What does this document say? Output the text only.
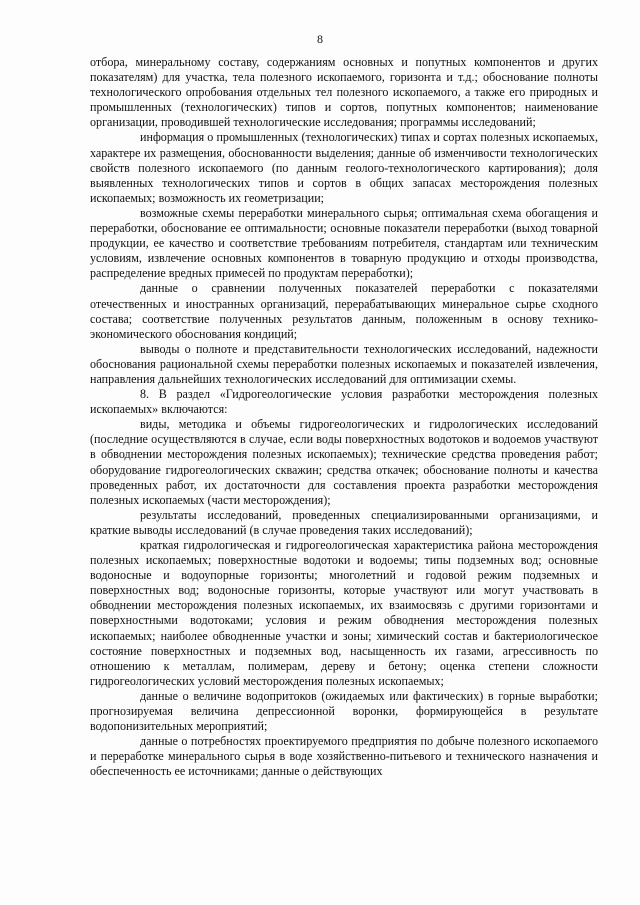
8

отбора, минеральному составу, содержаниям основных и попутных компонентов и других показателям) для участка, тела полезного ископаемого, горизонта и т.д.; обоснование полноты технологического опробования отдельных тел полезного ископаемого, а также его природных и промышленных (технологических) типов и сортов, попутных компонентов; наименование организации, проводившей технологические исследования; программы исследований;

информация о промышленных (технологических) типах и сортах полезных ископаемых, характере их размещения, обоснованности выделения; данные об изменчивости технологических свойств полезного ископаемого (по данным геолого-технологического картирования); доля выявленных технологических типов и сортов в общих запасах месторождения полезных ископаемых; возможность их геометризации;

возможные схемы переработки минерального сырья; оптимальная схема обогащения и переработки, обоснование ее оптимальности; основные показатели переработки (выход товарной продукции, ее качество и соответствие требованиям потребителя, стандартам или техническим условиям, извлечение основных компонентов в товарную продукцию и отходы производства, распределение вредных примесей по продуктам переработки);

данные о сравнении полученных показателей переработки с показателями отечественных и иностранных организаций, перерабатывающих минеральное сырье сходного состава; соответствие полученных результатов данным, положенным в основу технико-экономического обоснования кондиций;

выводы о полноте и представительности технологических исследований, надежности обоснования рациональной схемы переработки полезных ископаемых и показателей извлечения, направления дальнейших технологических исследований для оптимизации схемы.

8. В раздел «Гидрогеологические условия разработки месторождения полезных ископаемых» включаются:

виды, методика и объемы гидрогеологических и гидрологических исследований (последние осуществляются в случае, если воды поверхностных водотоков и водоемов участвуют в обводнении месторождения полезных ископаемых); технические средства проведения работ; оборудование гидрогеологических скважин; средства откачек; обоснование полноты и качества проведенных работ, их достаточности для составления проекта разработки месторождения полезных ископаемых (части месторождения);

результаты исследований, проведенных специализированными организациями, и краткие выводы исследований (в случае проведения таких исследований);

краткая гидрологическая и гидрогеологическая характеристика района месторождения полезных ископаемых; поверхностные водотоки и водоемы; типы подземных вод; основные водоносные и водоупорные горизонты; многолетний и годовой режим подземных и поверхностных вод; водоносные горизонты, которые участвуют или могут участвовать в обводнении месторождения полезных ископаемых, их взаимосвязь с другими горизонтами и поверхностными водотоками; условия и режим обводнения месторождения полезных ископаемых; наиболее обводненные участки и зоны; химический состав и бактериологическое состояние поверхностных и подземных вод, насыщенность их газами, агрессивность по отношению к металлам, полимерам, дереву и бетону; оценка степени сложности гидрогеологических условий месторождения полезных ископаемых;

данные о величине водопритоков (ожидаемых или фактических) в горные выработки; прогнозируемая величина депрессионной воронки, формирующейся в результате водопонизительных мероприятий;

данные о потребностях проектируемого предприятия по добыче полезного ископаемого и переработке минерального сырья в воде хозяйственно-питьевого и технического назначения и обеспеченность ее источниками; данные о действующих
